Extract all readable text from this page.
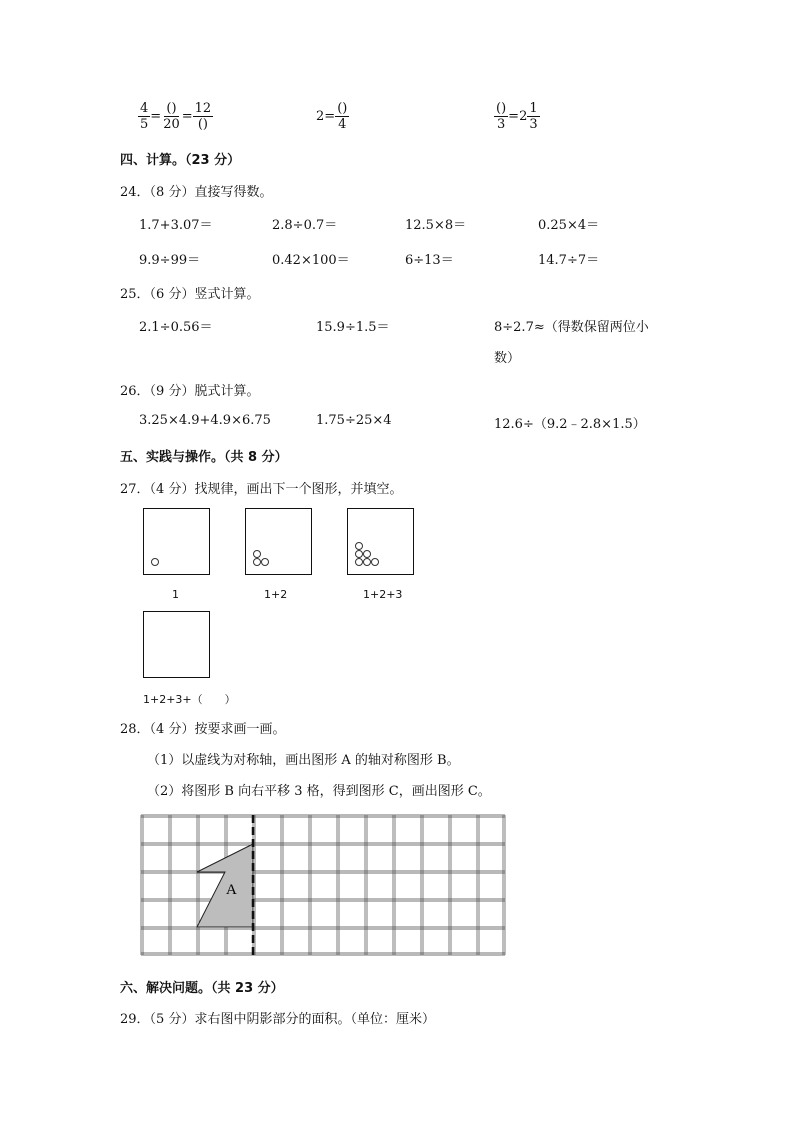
$\frac{4}{5} = \frac{()}{20} = \frac{12}{()}$	$2 = \frac{()}{4}$	$\frac{()}{3} = 2 \frac{1}{3}$
四、计算。（23 分）
24．（8 分）直接写得数。
1.7+3.07＝	2.8÷0.7＝	12.5×8＝	0.25×4＝
9.9÷99＝	0.42×100＝	6÷13＝	14.7÷7＝
25．（6 分）竖式计算。
2.1÷0.56＝	15.9÷1.5＝	8÷2.7≈（得数保留两位小
数）
26．（9 分）脱式计算。
3.25×4.9+4.9×6.75	1.75÷25×4	12.6÷（9.2﹣2.8×1.5）
五、实践与操作。（共 8 分）
27．（4 分）找规律，画出下一个图形，并填空。
1	1+2	1+2+3
1+2+3+（　　）
28．（4 分）按要求画一画。
（1）以虚线为对称轴，画出图形 A 的轴对称图形 B。
（2）将图形 B 向右平移 3 格，得到图形 C，画出图形 C。
A
六、解决问题。（共 23 分）
29．（5 分）求右图中阴影部分的面积。（单位：厘米）
